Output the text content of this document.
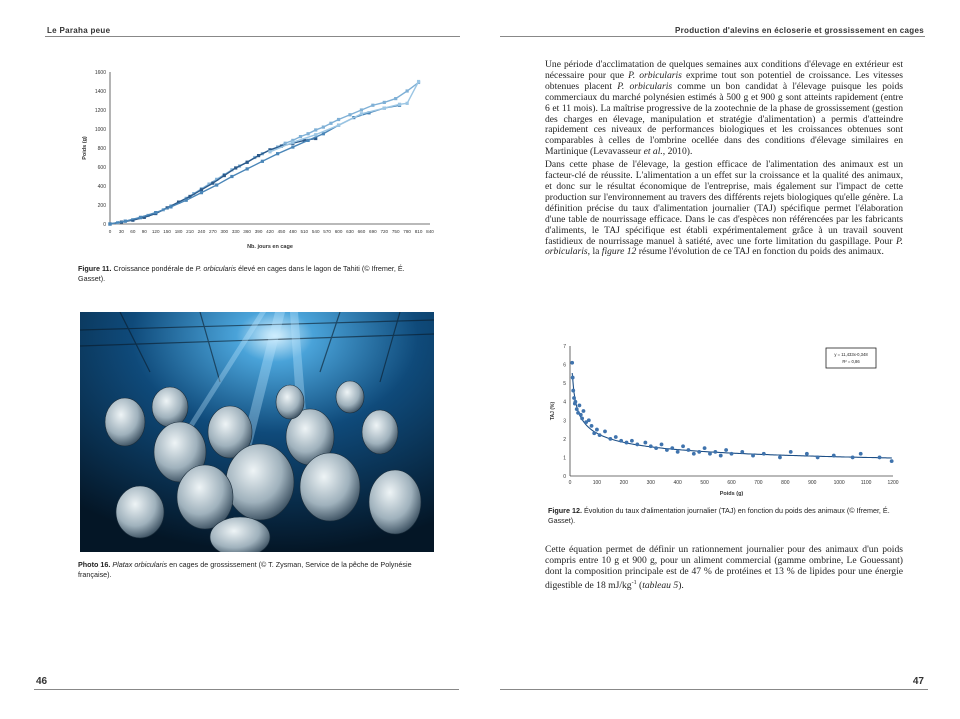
Le Paraha peue	Production d'alevins en écloserie et grossissement en cages
0
200
400
600
800
1000
1200
1400
1600
0 30 60 90 120 150 180 210 240 270 300 330 360 390 420 450 480 510 540 570 600 630 660 690 720 750 780 810 840
Nb. jours en cage
Poids (g)
Figure 11. Croissance pondérale de P. orbicularis élevé en cages dans le lagon de Tahiti (© Ifremer, É. Gasset).
Photo 16. Platax orbicularis en cages de grossissement (© T. Zysman, Service de la pêche de Polynésie française).

Une période d'acclimatation de quelques semaines aux conditions d'élevage en extérieur est nécessaire pour que P. orbicularis exprime tout son potentiel de croissance. Les vitesses obtenues placent P. orbicularis comme un bon candidat à l'élevage puisque les poids commerciaux du marché polynésien estimés à 500 g et 900 g sont atteints rapidement (entre 6 et 11 mois). La maîtrise progressive de la zootechnie de la phase de grossissement (gestion des charges en élevage, manipulation et stratégie d'alimentation) a permis d'atteindre rapidement ces niveaux de performances biologiques et les croissances obtenues sont comparables à celles de l'ombrine ocellée dans des conditions d'élevage similaires en Martinique (Levavasseur et al., 2010).

Dans cette phase de l'élevage, la gestion efficace de l'alimentation des animaux est un facteur-clé de réussite. L'alimentation a un effet sur la croissance et la qualité des animaux, et donc sur le résultat économique de l'entreprise, mais également sur l'impact de cette production sur l'environnement au travers des différents rejets biologiques qu'elle génère. La définition précise du taux d'alimentation journalier (TAJ) spécifique permet l'élaboration d'une table de nourrissage efficace. Dans le cas d'espèces non référencées par les fabricants d'aliments, le TAJ spécifique est établi expérimentalement grâce à un travail souvent fastidieux de nourrissage manuel à satiété, avec une forte limitation du gaspillage. Pour P. orbicularis, la figure 12 résume l'évolution de ce TAJ en fonction du poids des animaux.

0
1
2
3
4
5
6
7
0	100	200	300	400	500	600	700	800	900	1000	1100	1200
Poids (g)
TAJ (%)
y = 11,433x-0,348
R² = 0,86
Figure 12. Évolution du taux d'alimentation journalier (TAJ) en fonction du poids des animaux (© Ifremer, É. Gasset).

Cette équation permet de définir un rationnement journalier pour des animaux d'un poids compris entre 10 g et 900 g, pour un aliment commercial (gamme ombrine, Le Gouessant) dont la composition principale est de 47 % de protéines et 13 % de lipides pour une énergie digestible de 18 $mJ/kg^{-1}$ (tableau 5).

46	47
